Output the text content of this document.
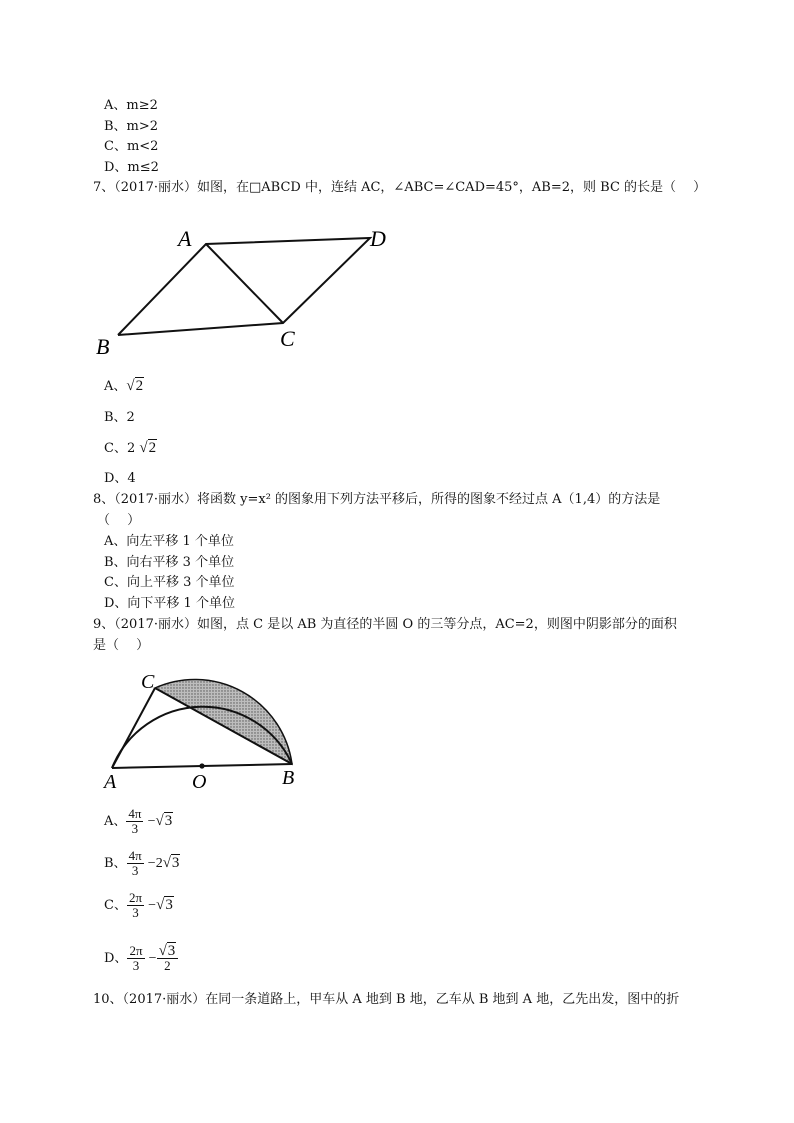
A、m≥2
B、m>2
C、m<2
D、m≤2
7、（2017·丽水）如图，在□ABCD 中，连结 AC，∠ABC=∠CAD=45°，AB=2，则 BC 的长是（　 ）
A	D
B	C
A、√2
B、2
C、2 √2
D、4
8、（2017·丽水）将函数 y=x² 的图象用下列方法平移后，所得的图象不经过点 A（1,4）的方法是
（　 ）
A、向左平移 1 个单位
B、向右平移 3 个单位
C、向上平移 3 个单位
D、向下平移 1 个单位
9、（2017·丽水）如图，点 C 是以 AB 为直径的半圆 O 的三等分点，AC=2，则图中阴影部分的面积
是（　 ）
C
A	O	B
A、 $\frac{4\pi}{3} -√3$
B、 $\frac{4\pi}{3} -2√3$
C、 $\frac{2\pi}{3} -√3$
D、 $\frac{2\pi}{3} - \frac{√3}{2}$
10、（2017·丽水）在同一条道路上，甲车从 A 地到 B 地，乙车从 B 地到 A 地，乙先出发，图中的折
